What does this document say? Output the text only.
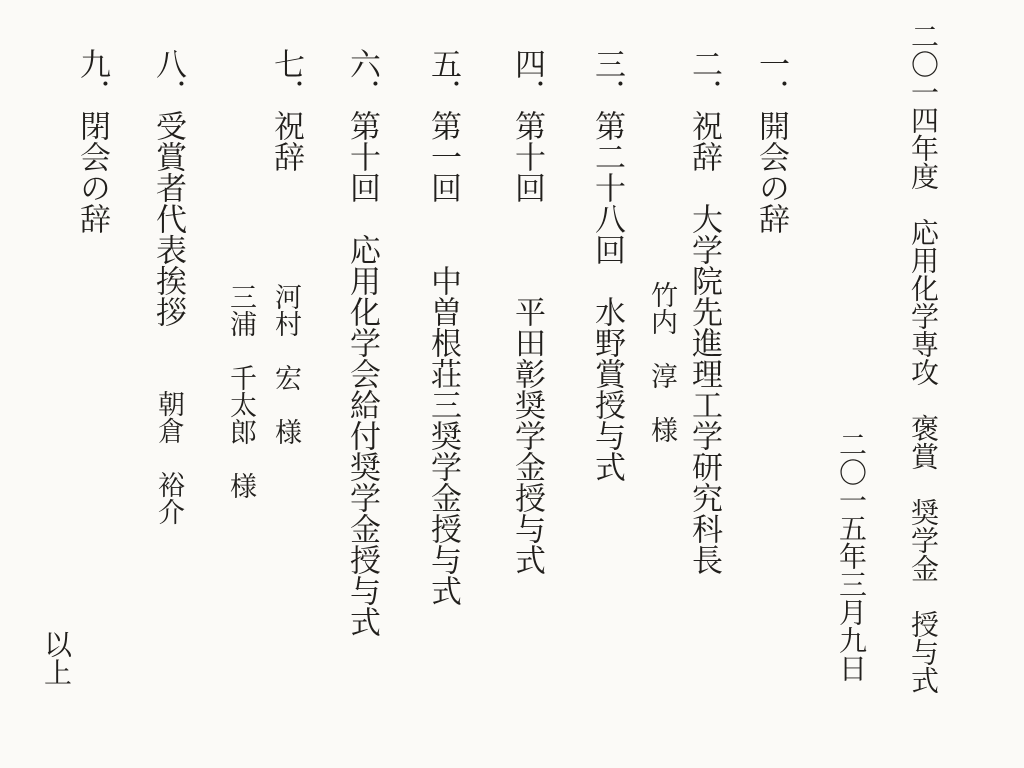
二〇一四年度　応用化学専攻　褒賞　奨学金　授与式
二〇一五年三月九日
一．開会の辞
二．祝辞　大学院先進理工学研究科長
竹内　淳　様
三．第二十八回　水野賞授与式
四．第十回　　　平田彰奨学金授与式
五．第一回　　中曽根荘三奨学金授与式
六．第十回　応用化学会給付奨学金授与式
七．祝辞
河村　宏　様
三浦　千太郎　様
八．受賞者代表挨拶
朝倉　裕介
九．閉会の辞
以上
